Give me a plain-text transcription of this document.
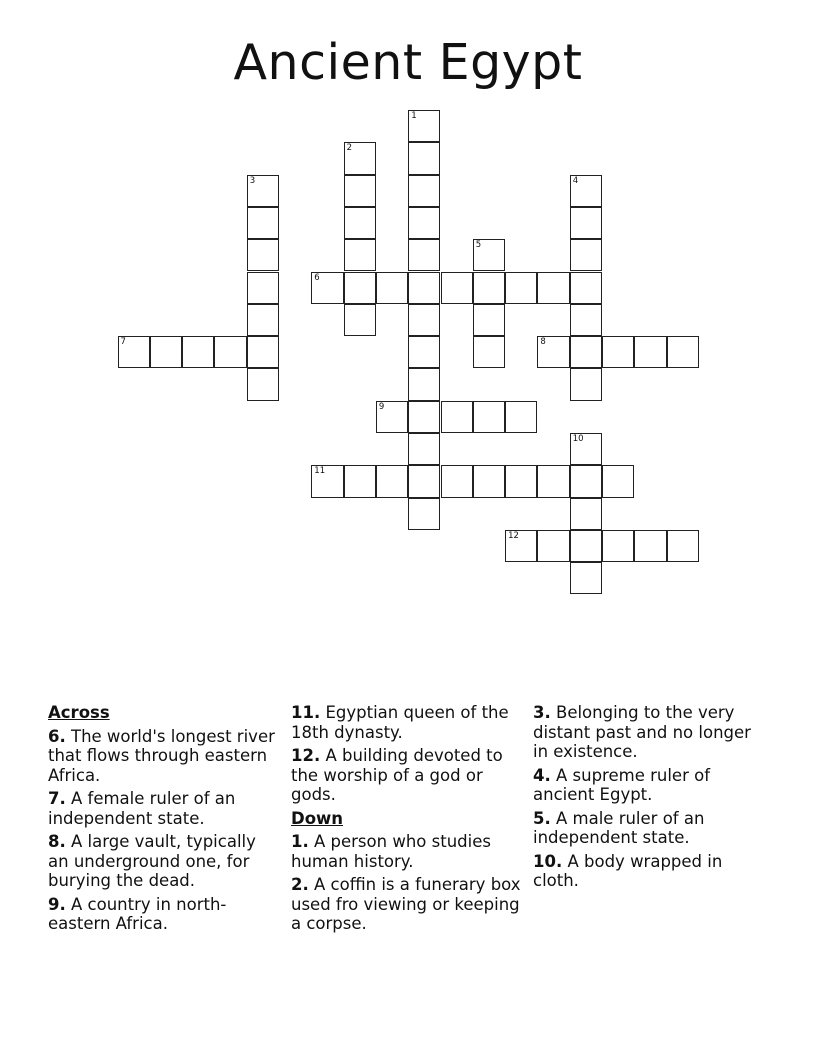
Ancient Egypt
1
2
3	4
5
6
7	8
9
10
11
12
Across
6. The world's longest river that flows through eastern Africa.
7. A female ruler of an independent state.
8. A large vault, typically an underground one, for burying the dead.
9. A country in north-eastern Africa.
11. Egyptian queen of the 18th dynasty.
12. A building devoted to the worship of a god or gods.
Down
1. A person who studies human history.
2. A coffin is a funerary box used fro viewing or keeping a corpse.
3. Belonging to the very distant past and no longer in existence.
4. A supreme ruler of ancient Egypt.
5. A male ruler of an independent state.
10. A body wrapped in cloth.
